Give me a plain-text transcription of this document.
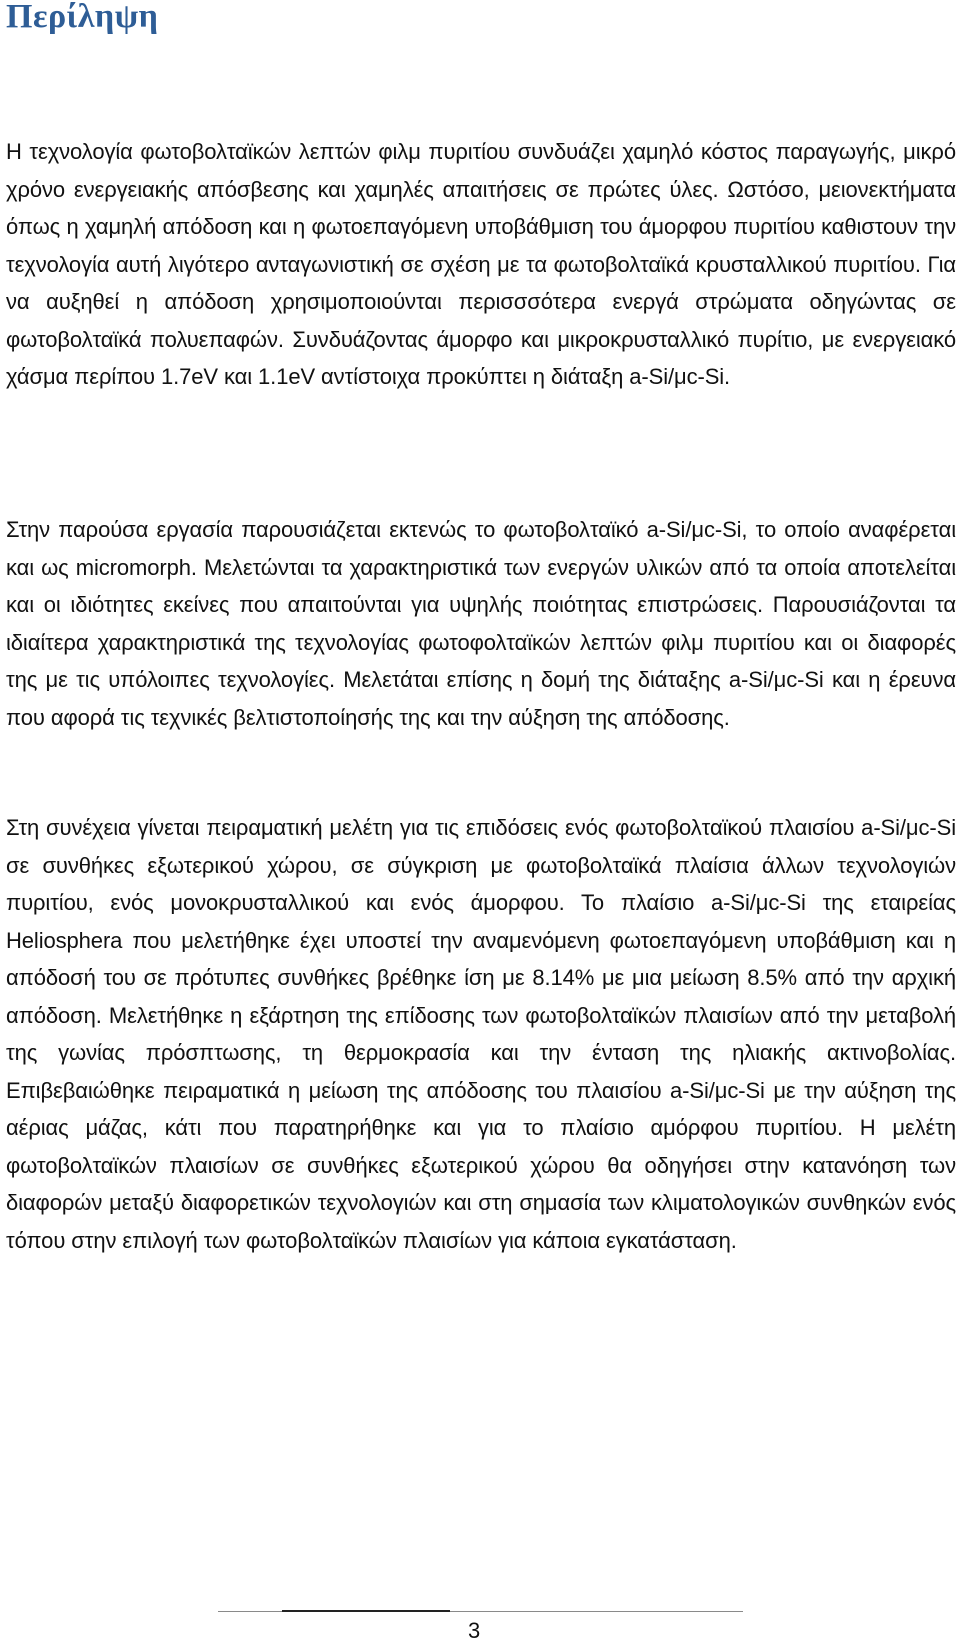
Περίληψη

Η τεχνολογία φωτοβολταϊκών λεπτών φιλμ πυριτίου συνδυάζει χαμηλό κόστος παραγωγής, μικρό χρόνο ενεργειακής απόσβεσης και χαμηλές απαιτήσεις σε πρώτες ύλες. Ωστόσο, μειονεκτήματα όπως η χαμηλή απόδοση και η φωτοεπαγόμενη υποβάθμιση του άμορφου πυριτίου καθιστουν την τεχνολογία αυτή λιγότερο ανταγωνιστική σε σχέση με τα φωτοβολταϊκά κρυσταλλικού πυριτίου. Για να αυξηθεί η απόδοση χρησιμοποιούνται περισσσότερα ενεργά στρώματα οδηγώντας σε φωτοβολταϊκά πολυεπαφών. Συνδυάζοντας άμορφο και μικροκρυσταλλικό πυρίτιο, με ενεργειακό χάσμα περίπου 1.7eV και 1.1eV αντίστοιχα προκύπτει η διάταξη a-Si/μc-Si.

Στην παρούσα εργασία παρουσιάζεται εκτενώς το φωτοβολταϊκό a-Si/μc-Si, το οποίο αναφέρεται και ως micromorph. Μελετώνται τα χαρακτηριστικά των ενεργών υλικών από τα οποία αποτελείται και οι ιδιότητες εκείνες που απαιτούνται για υψηλής ποιότητας επιστρώσεις. Παρουσιάζονται τα ιδιαίτερα χαρακτηριστικά της τεχνολογίας φωτοφολταϊκών λεπτών φιλμ πυριτίου και οι διαφορές της με τις υπόλοιπες τεχνολογίες. Μελετάται επίσης η δομή της διάταξης a-Si/μc-Si και η έρευνα που αφορά τις τεχνικές βελτιστοποίησής της και την αύξηση της απόδοσης.

Στη συνέχεια γίνεται πειραματική μελέτη για τις επιδόσεις ενός φωτοβολταϊκού πλαισίου a-Si/μc-Si σε συνθήκες εξωτερικού χώρου, σε σύγκριση με φωτοβολταϊκά πλαίσια άλλων τεχνολογιών πυριτίου, ενός μονοκρυσταλλικού και ενός άμορφου. Το πλαίσιο a-Si/μc-Si της εταιρείας Heliosphera που μελετήθηκε έχει υποστεί την αναμενόμενη φωτοεπαγόμενη υποβάθμιση και η απόδοσή του σε πρότυπες συνθήκες βρέθηκε ίση με 8.14% με μια μείωση 8.5% από την αρχική απόδοση. Μελετήθηκε η εξάρτηση της επίδοσης των φωτοβολταϊκών πλαισίων από την μεταβολή της γωνίας πρόσπτωσης, τη θερμοκρασία και την ένταση της ηλιακής ακτινοβολίας. Επιβεβαιώθηκε πειραματικά η μείωση της απόδοσης του πλαισίου a-Si/μc-Si με την αύξηση της αέριας μάζας, κάτι που παρατηρήθηκε και για το πλαίσιο αμόρφου πυριτίου. Η μελέτη φωτοβολταϊκών πλαισίων σε συνθήκες εξωτερικού χώρου θα οδηγήσει στην κατανόηση των διαφορών μεταξύ διαφορετικών τεχνολογιών και στη σημασία των κλιματολογικών συνθηκών ενός τόπου στην επιλογή των φωτοβολταϊκών πλαισίων για κάποια εγκατάσταση.

3
